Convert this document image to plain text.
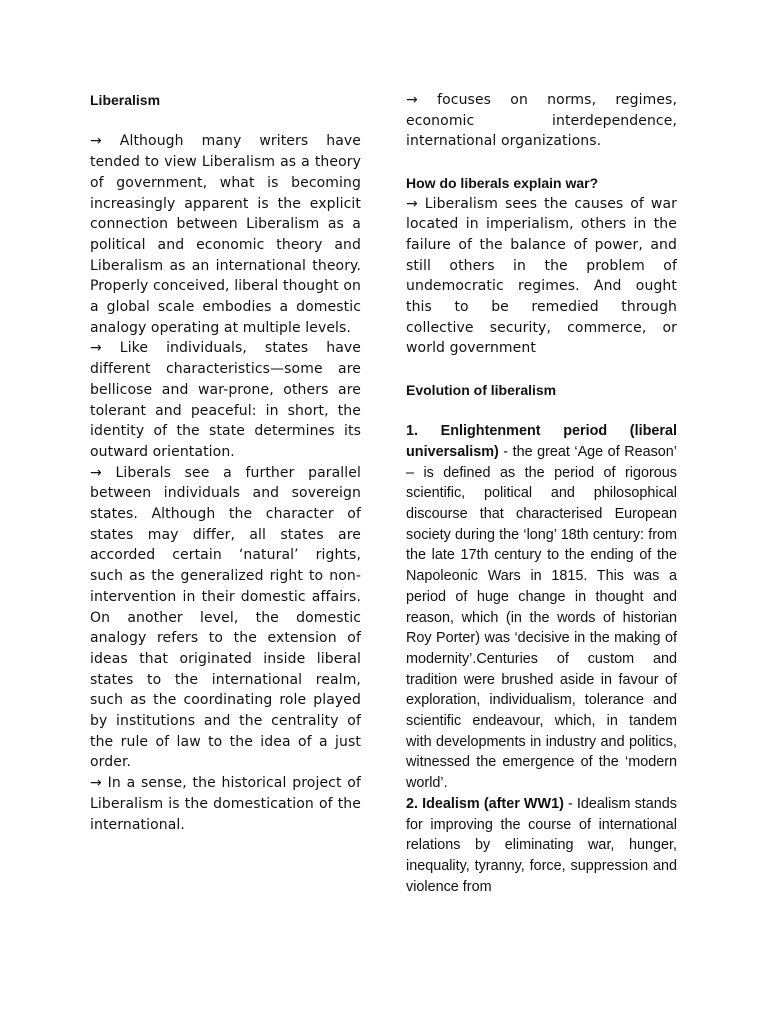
Liberalism

→ Although many writers have tended to view Liberalism as a theory of government, what is becoming increasingly apparent is the explicit connection between Liberalism as a political and economic theory and Liberalism as an international theory. Properly conceived, liberal thought on a global scale embodies a domestic analogy operating at multiple levels.

→ Like individuals, states have different characteristics—some are bellicose and war-prone, others are tolerant and peaceful: in short, the identity of the state determines its outward orientation.

→ Liberals see a further parallel between individuals and sovereign states. Although the character of states may differ, all states are accorded certain ‘natural’ rights, such as the generalized right to non-intervention in their domestic affairs. On another level, the domestic analogy refers to the extension of ideas that originated inside liberal states to the international realm, such as the coordinating role played by institutions and the centrality of the rule of law to the idea of a just order.

→ In a sense, the historical project of Liberalism is the domestication of the international.

→ focuses on norms, regimes, economic interdependence, international organizations.

How do liberals explain war?

→ Liberalism sees the causes of war located in imperialism, others in the failure of the balance of power, and still others in the problem of undemocratic regimes. And ought this to be remedied through collective security, commerce, or world government

Evolution of liberalism

1. Enlightenment period (liberal universalism) - the great ‘Age of Reason’ – is defined as the period of rigorous scientific, political and philosophical discourse that characterised European society during the ‘long’ 18th century: from the late 17th century to the ending of the Napoleonic Wars in 1815. This was a period of huge change in thought and reason, which (in the words of historian Roy Porter) was ‘decisive in the making of modernity’.Centuries of custom and tradition were brushed aside in favour of exploration, individualism, tolerance and scientific endeavour, which, in tandem with developments in industry and politics, witnessed the emergence of the ‘modern world’.

2. Idealism (after WW1) - Idealism stands for improving the course of international relations by eliminating war, hunger, inequality, tyranny, force, suppression and violence from
